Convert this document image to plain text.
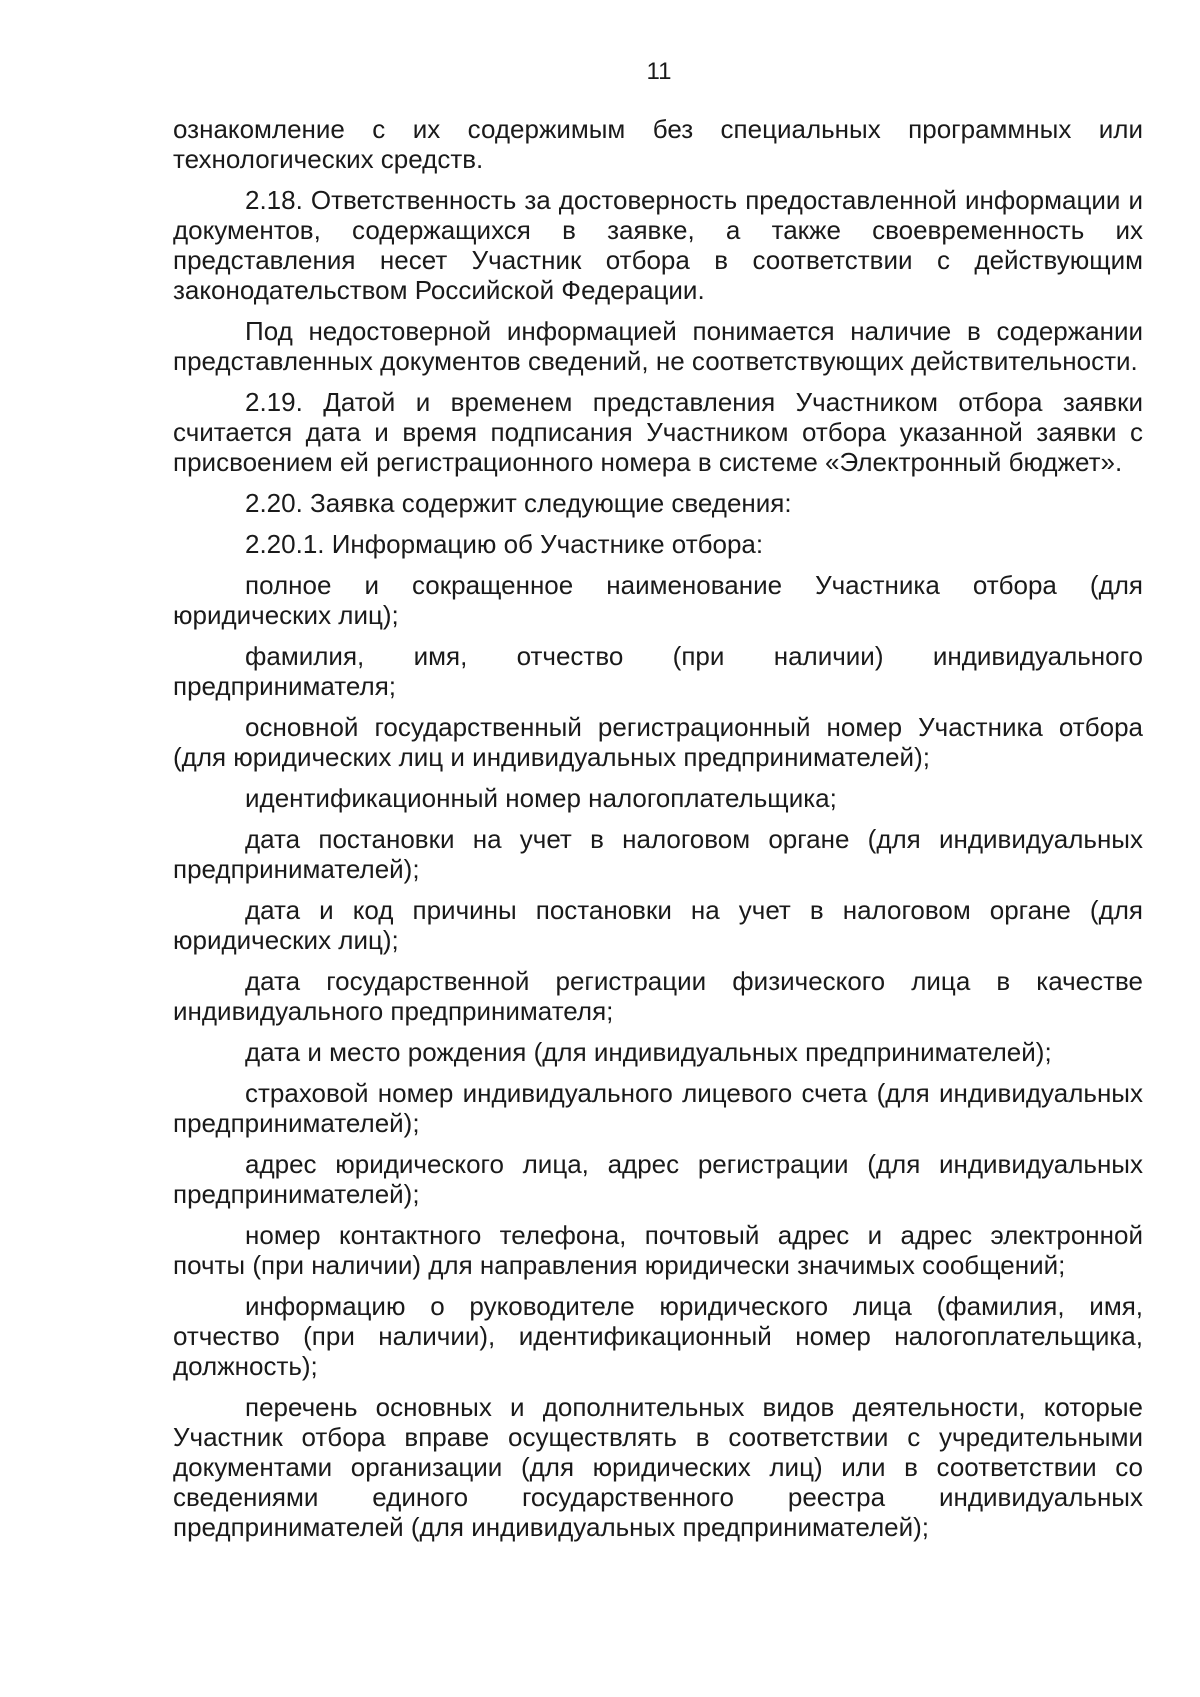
11

ознакомление с их содержимым без специальных программных или технологических средств.

2.18. Ответственность за достоверность предоставленной информации и документов, содержащихся в заявке, а также своевременность их представления несет Участник отбора в соответствии с действующим законодательством Российской Федерации.

Под недостоверной информацией понимается наличие в содержании представленных документов сведений, не соответствующих действительности.

2.19. Датой и временем представления Участником отбора заявки считается дата и время подписания Участником отбора указанной заявки с присвоением ей регистрационного номера в системе «Электронный бюджет».

2.20. Заявка содержит следующие сведения:

2.20.1. Информацию об Участнике отбора:

полное и сокращенное наименование Участника отбора (для юридических лиц);

фамилия, имя, отчество (при наличии) индивидуального предпринимателя;

основной государственный регистрационный номер Участника отбора (для юридических лиц и индивидуальных предпринимателей);

идентификационный номер налогоплательщика;

дата постановки на учет в налоговом органе (для индивидуальных предпринимателей);

дата и код причины постановки на учет в налоговом органе (для юридических лиц);

дата государственной регистрации физического лица в качестве индивидуального предпринимателя;

дата и место рождения (для индивидуальных предпринимателей);

страховой номер индивидуального лицевого счета (для индивидуальных предпринимателей);

адрес юридического лица, адрес регистрации (для индивидуальных предпринимателей);

номер контактного телефона, почтовый адрес и адрес электронной почты (при наличии) для направления юридически значимых сообщений;

информацию о руководителе юридического лица (фамилия, имя, отчество (при наличии), идентификационный номер налогоплательщика, должность);

перечень основных и дополнительных видов деятельности, которые Участник отбора вправе осуществлять в соответствии с учредительными документами организации (для юридических лиц) или в соответствии со сведениями единого государственного реестра индивидуальных предпринимателей (для индивидуальных предпринимателей);
